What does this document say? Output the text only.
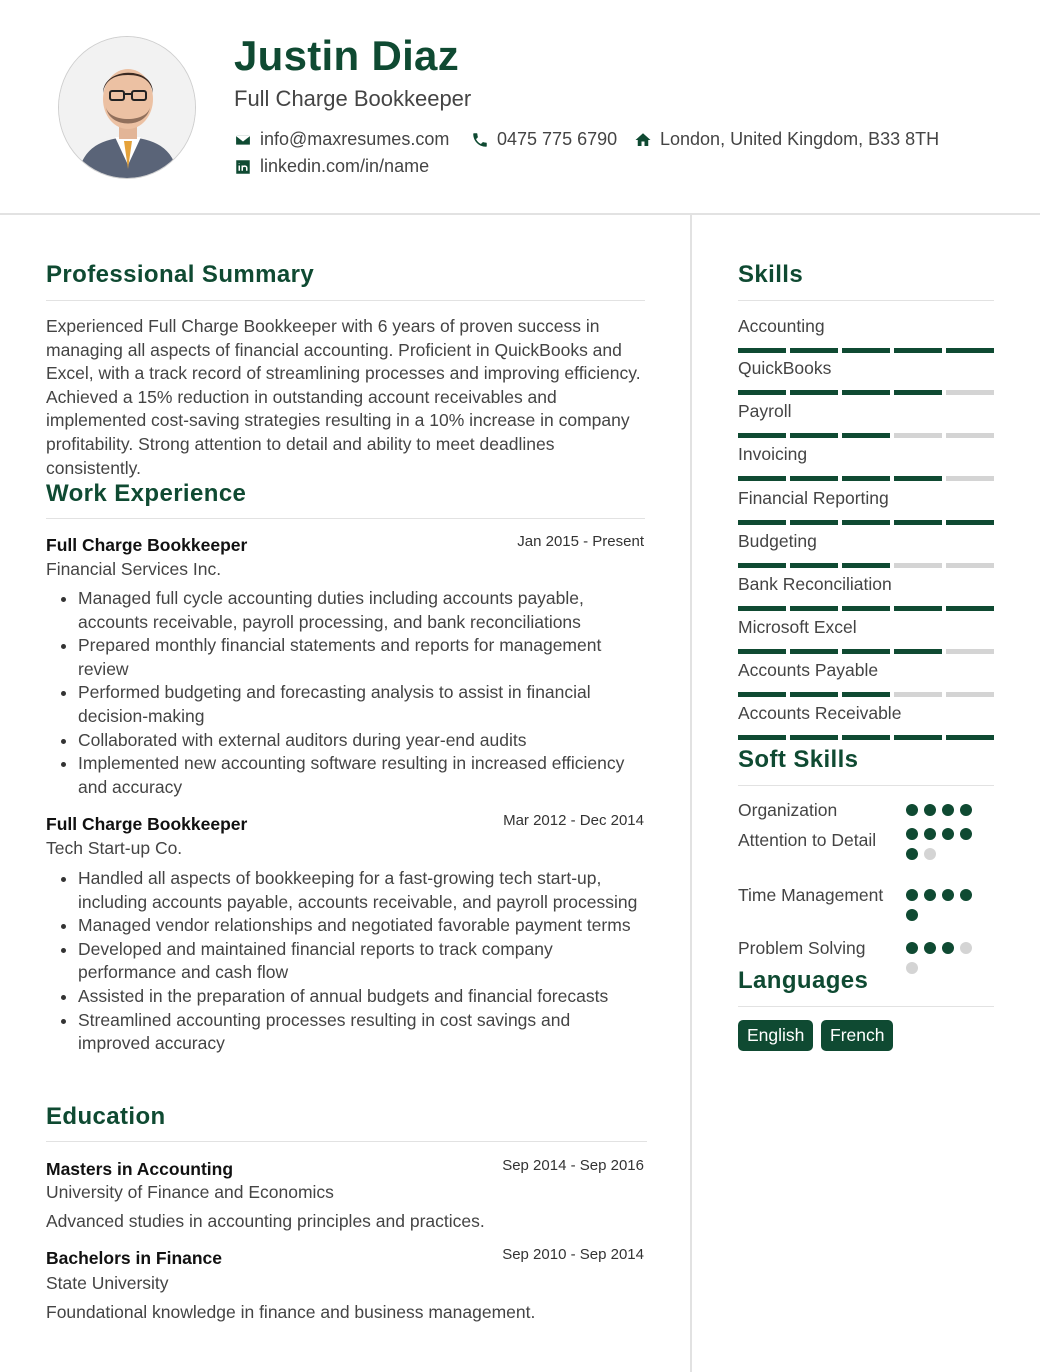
Justin Diaz
Full Charge Bookkeeper
info@maxresumes.com	0475 775 6790 London, United Kingdom, B33 8TH
linkedin.com/in/name
Professional Summary
Experienced Full Charge Bookkeeper with 6 years of proven success in managing all aspects of financial accounting. Proficient in QuickBooks and Excel, with a track record of streamlining processes and improving efficiency. Achieved a 15% reduction in outstanding account receivables and implemented cost-saving strategies resulting in a 10% increase in company profitability. Strong attention to detail and ability to meet deadlines consistently.
Work Experience
Full Charge Bookkeeper	Jan 2015 - Present
Financial Services Inc.
Managed full cycle accounting duties including accounts payable, accounts receivable, payroll processing, and bank reconciliations
Prepared monthly financial statements and reports for management review
Performed budgeting and forecasting analysis to assist in financial decision-making
Collaborated with external auditors during year-end audits
Implemented new accounting software resulting in increased efficiency and accuracy
Full Charge Bookkeeper	Mar 2012 - Dec 2014
Tech Start-up Co.
Handled all aspects of bookkeeping for a fast-growing tech start-up, including accounts payable, accounts receivable, and payroll processing
Managed vendor relationships and negotiated favorable payment terms
Developed and maintained financial reports to track company performance and cash flow
Assisted in the preparation of annual budgets and financial forecasts
Streamlined accounting processes resulting in cost savings and improved accuracy
Education
Masters in Accounting	Sep 2014 - Sep 2016
University of Finance and Economics
Advanced studies in accounting principles and practices.
Bachelors in Finance	Sep 2010 - Sep 2014
State University
Foundational knowledge in finance and business management.
Skills
Accounting
QuickBooks
Payroll
Invoicing
Financial Reporting
Budgeting
Bank Reconciliation
Microsoft Excel
Accounts Payable
Accounts Receivable
Soft Skills
Organization
Attention to Detail
Time Management
Problem Solving
Languages
English	French
